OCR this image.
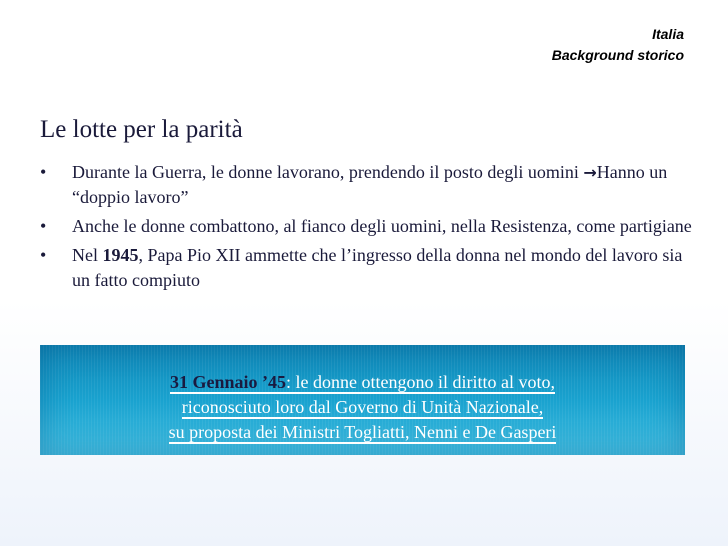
Italia
Background storico
Le lotte per la parità
•	Durante la Guerra, le donne lavorano, prendendo il posto degli uomini →Hanno un “doppio lavoro”
•	Anche le donne combattono, al fianco degli uomini, nella Resistenza, come partigiane
•	Nel 1945, Papa Pio XII ammette che l’ingresso della donna nel mondo del lavoro sia un fatto compiuto
31 Gennaio ’45: le donne ottengono il diritto al voto,
riconosciuto loro dal Governo di Unità Nazionale,
su proposta dei Ministri Togliatti, Nenni e De Gasperi
